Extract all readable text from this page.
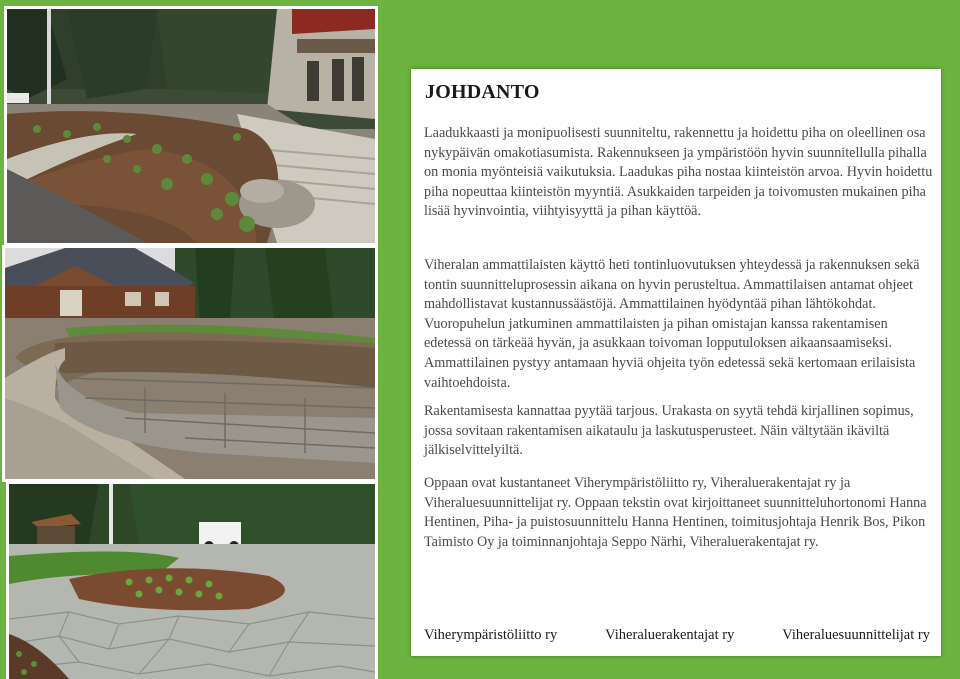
JOHDANTO

Laadukkaasti ja monipuolisesti suunniteltu, rakennettu ja hoidettu piha on oleellinen osa nykypäivän omakotiasumista. Rakennukseen ja ympäristöön hyvin suunnitellulla pihalla on monia myönteisiä vaikutuksia. Laadukas piha nostaa kiinteistön arvoa. Hyvin hoidettu piha nopeuttaa kiinteistön myyntiä. Asukkaiden tarpeiden ja toivomusten mukainen piha lisää hyvinvointia, viihtyisyyttä ja pihan käyttöä.

Viheralan ammattilaisten käyttö heti tontinluovutuksen yhteydessä ja rakennuksen sekä tontin suunnitteluprosessin aikana on hyvin perusteltua. Ammattilaisen antamat ohjeet mahdollistavat kustannussäästöjä. Ammattilainen hyödyntää pihan lähtökohdat. Vuoropuhelun jatkuminen ammattilaisten ja pihan omistajan kanssa rakentamisen edetessä on tärkeää hyvän, ja asukkaan toivoman lopputuloksen aikaansaamiseksi. Ammattilainen pystyy antamaan hyviä ohjeita työn edetessä sekä kertomaan erilaisista vaihtoehdoista.

Rakentamisesta kannattaa pyytää tarjous. Urakasta on syytä tehdä kirjallinen sopimus, jossa sovitaan rakentamisen aikataulu ja laskutusperusteet. Näin vältytään ikäviltä jälkiselvittelyiltä.

Oppaan ovat kustantaneet Viherympäristöliitto ry, Viheraluerakentajat ry ja Viheraluesuunnittelijat ry. Oppaan tekstin ovat kirjoittaneet suunnitteluhortonomi Hanna Hentinen, Piha- ja puistosuunnittelu Hanna Hentinen, toimitusjohtaja Henrik Bos, Pikon Taimisto Oy ja toiminnanjohtaja Seppo Närhi, Viheraluerakentajat ry.

Viherympäristöliitto ry	Viheraluerakentajat ry	Viheraluesuunnittelijat ry
